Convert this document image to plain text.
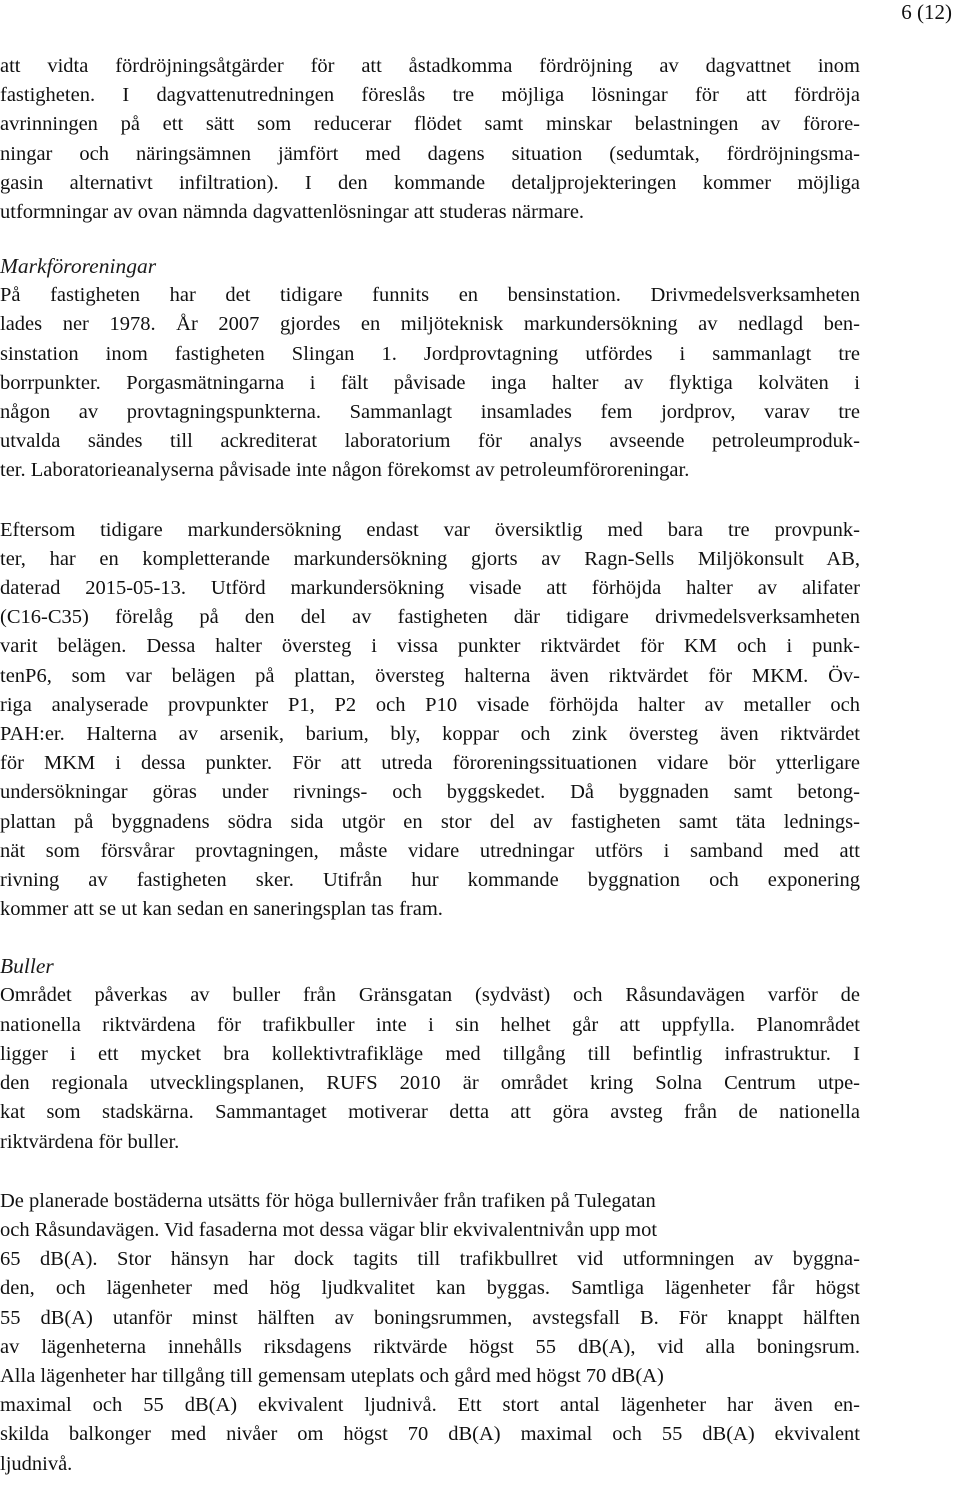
6 (12)
att vidta fördröjningsåtgärder för att åstadkomma fördröjning av dagvattnet inom
fastigheten. I dagvattenutredningen föreslås tre möjliga lösningar för att fördröja
avrinningen på ett sätt som reducerar flödet samt minskar belastningen av förore-
ningar och näringsämnen jämfört med dagens situation (sedumtak, fördröjningsma-
gasin alternativt infiltration). I den kommande detaljprojekteringen kommer möjliga
utformningar av ovan nämnda dagvattenlösningar att studeras närmare.
Markföroreningar
På fastigheten har det tidigare funnits en bensinstation. Drivmedelsverksamheten
lades ner 1978. År 2007 gjordes en miljöteknisk markundersökning av nedlagd ben-
sinstation inom fastigheten Slingan 1. Jordprovtagning utfördes i sammanlagt tre
borrpunkter. Porgasmätningarna i fält påvisade inga halter av flyktiga kolväten i
någon av provtagningspunkterna. Sammanlagt insamlades fem jordprov, varav tre
utvalda sändes till ackrediterat laboratorium för analys avseende petroleumproduk-
ter. Laboratorieanalyserna påvisade inte någon förekomst av petroleumföroreningar.
Eftersom tidigare markundersökning endast var översiktlig med bara tre provpunk-
ter, har en kompletterande markundersökning gjorts av Ragn-Sells Miljökonsult AB,
daterad 2015-05-13. Utförd markundersökning visade att förhöjda halter av alifater
(C16-C35) förelåg på den del av fastigheten där tidigare drivmedelsverksamheten
varit belägen. Dessa halter översteg i vissa punkter riktvärdet för KM och i punk-
tenP6, som var belägen på plattan, översteg halterna även riktvärdet för MKM. Öv-
riga analyserade provpunkter P1, P2 och P10 visade förhöjda halter av metaller och
PAH:er. Halterna av arsenik, barium, bly, koppar och zink översteg även riktvärdet
för MKM i dessa punkter. För att utreda föroreningssituationen vidare bör ytterligare
undersökningar göras under rivnings- och byggskedet. Då byggnaden samt betong-
plattan på byggnadens södra sida utgör en stor del av fastigheten samt täta lednings-
nät som försvårar provtagningen, måste vidare utredningar utförs i samband med att
rivning av fastigheten sker. Utifrån hur kommande byggnation och exponering
kommer att se ut kan sedan en saneringsplan tas fram.
Buller
Området påverkas av buller från Gränsgatan (sydväst) och Råsundavägen varför de
nationella riktvärdena för trafikbuller inte i sin helhet går att uppfylla. Planområdet
ligger i ett mycket bra kollektivtrafikläge med tillgång till befintlig infrastruktur. I
den regionala utvecklingsplanen, RUFS 2010 är området kring Solna Centrum utpe-
kat som stadskärna. Sammantaget motiverar detta att göra avsteg från de nationella
riktvärdena för buller.
De planerade bostäderna utsätts för höga bullernivåer från trafiken på Tulegatan
och Råsundavägen. Vid fasaderna mot dessa vägar blir ekvivalentnivån upp mot
65 dB(A). Stor hänsyn har dock tagits till trafikbullret vid utformningen av byggna-
den, och lägenheter med hög ljudkvalitet kan byggas. Samtliga lägenheter får högst
55 dB(A) utanför minst hälften av boningsrummen, avstegsfall B. För knappt hälften
av lägenheterna innehålls riksdagens riktvärde högst 55 dB(A), vid alla boningsrum.
Alla lägenheter har tillgång till gemensam uteplats och gård med högst 70 dB(A)
maximal och 55 dB(A) ekvivalent ljudnivå. Ett stort antal lägenheter har även en-
skilda balkonger med nivåer om högst 70 dB(A) maximal och 55 dB(A) ekvivalent
ljudnivå.
